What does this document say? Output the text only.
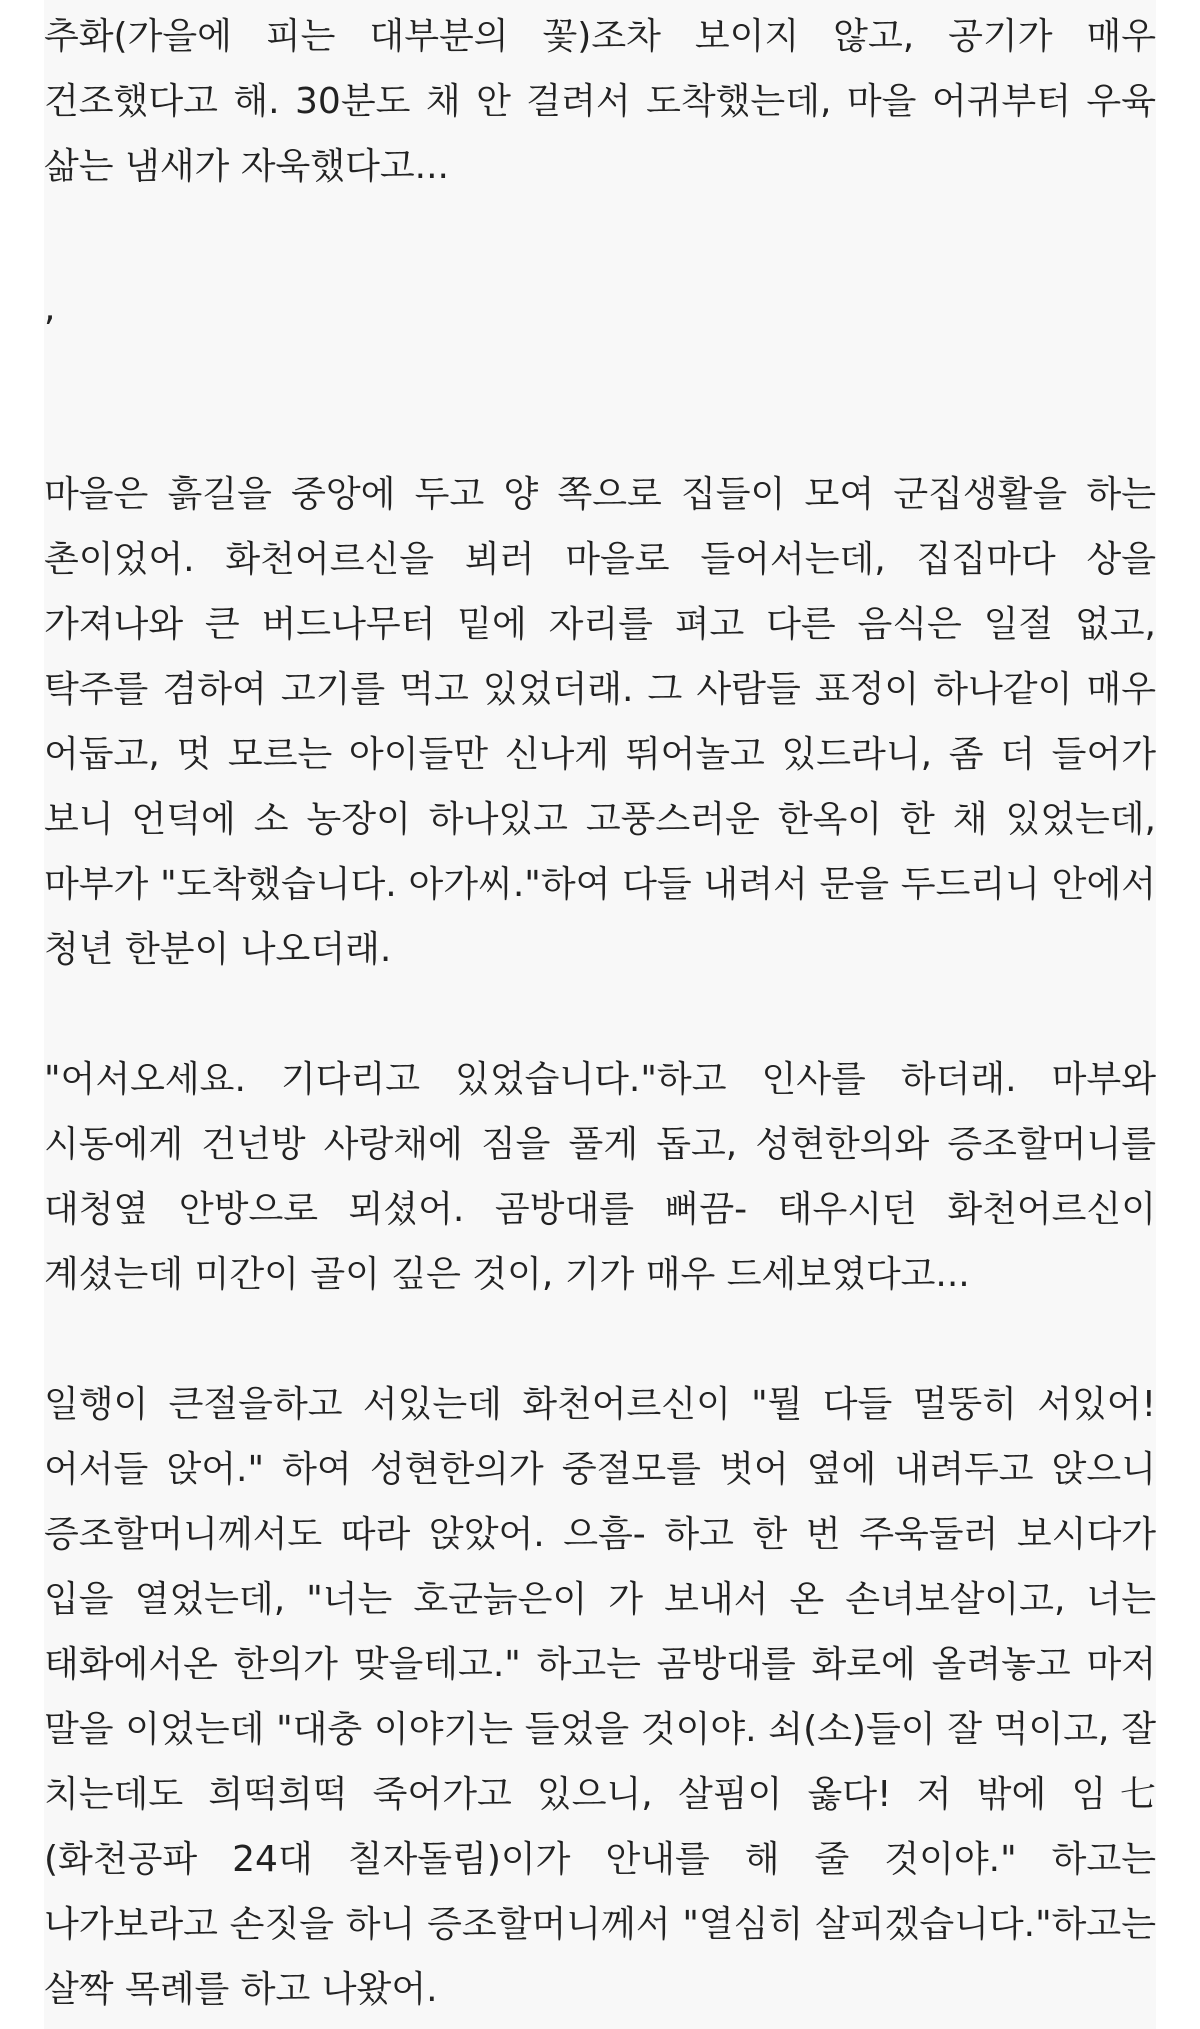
추화(가을에 피는 대부분의 꽃)조차 보이지 않고, 공기가 매우 건조했다고 해. 30분도 채 안 걸려서 도착했는데, 마을 어귀부터 우육 삶는 냄새가 자욱했다고...

,

마을은 흙길을 중앙에 두고 양 쪽으로 집들이 모여 군집생활을 하는 촌이었어. 화천어르신을 뵈러 마을로 들어서는데, 집집마다 상을 가져나와 큰 버드나무터 밑에 자리를 펴고 다른 음식은 일절 없고, 탁주를 겸하여 고기를 먹고 있었더래. 그 사람들 표정이 하나같이 매우 어둡고, 멋 모르는 아이들만 신나게 뛰어놀고 있드라니, 좀 더 들어가 보니 언덕에 소 농장이 하나있고 고풍스러운 한옥이 한 채 있었는데, 마부가 "도착했습니다. 아가씨."하여 다들 내려서 문을 두드리니 안에서 청년 한분이 나오더래.

"어서오세요. 기다리고 있었습니다."하고 인사를 하더래. 마부와 시동에게 건넌방 사랑채에 짐을 풀게 돕고, 성현한의와 증조할머니를 대청옆 안방으로 뫼셨어. 곰방대를 뻐끔- 태우시던 화천어르신이 계셨는데 미간이 골이 깊은 것이, 기가 매우 드세보였다고...

일행이 큰절을하고 서있는데 화천어르신이 "뭘 다들 멀뚱히 서있어! 어서들 앉어." 하여 성현한의가 중절모를 벗어 옆에 내려두고 앉으니 증조할머니께서도 따라 앉았어. 으흠- 하고 한 번 주욱둘러 보시다가 입을 열었는데, "너는 호군늙은이 가 보내서 온 손녀보살이고, 너는 태화에서온 한의가 맞을테고." 하고는 곰방대를 화로에 올려놓고 마저 말을 이었는데 "대충 이야기는 들었을 것이야. 쇠(소)들이 잘 먹이고, 잘 치는데도 희떡희떡 죽어가고 있으니, 살핌이 옳다! 저 밖에 임七(화천공파 24대 칠자돌림)이가 안내를 해 줄 것이야." 하고는 나가보라고 손짓을 하니 증조할머니께서 "열심히 살피겠습니다."하고는 살짝 목례를 하고 나왔어.
